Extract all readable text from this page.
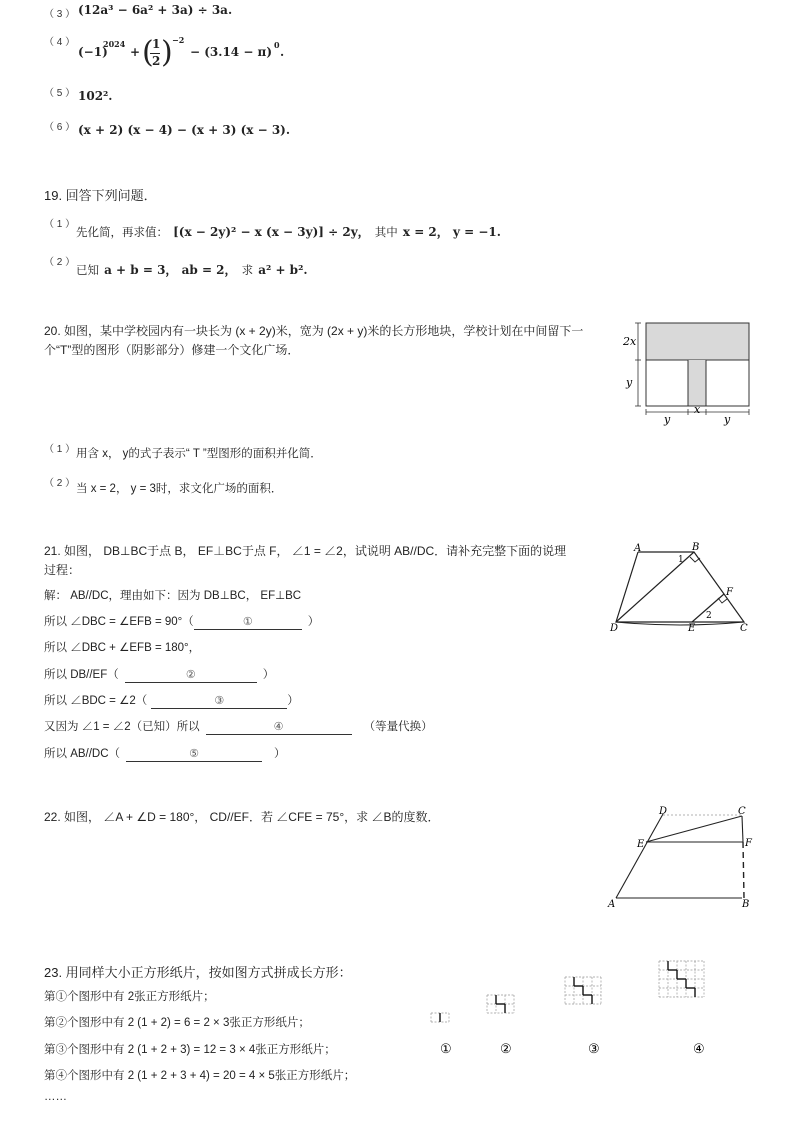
（ 3 ） (12a³ − 6a² + 3a) ÷ 3a.
（ 4 ）
(−1)
2024
+ (
1
2 ) −2
− (3.14 − π) 0 .
（ 5 ） 102².
（ 6 ） (x + 2) (x − 4) − (x + 3) (x − 3).
19. 回答下列问题．
（ 1 ）
先化简，再求值： [(x − 2y)² − x (x − 3y)] ÷ 2y， 其中 x = 2， y = −1.
（ 2 ）
已知 a + b = 3， ab = 2， 求 a² + b².
20. 如图，某中学校园内有一块长为 (x + 2y)米，宽为 (2x + y)米的长方形地块，学校计划在中间留下一
个“T”型的图形（阴影部分）修建一个文化广场．
2x
y
y
x
y
（ 1 ） 用含 x， y的式子表示“ T ”型图形的面积并化简．
（ 2 ） 当 x = 2， y = 3时，求文化广场的面积．
21. 如图， DB⊥BC于点 B， EF⊥BC于点 F， ∠1 = ∠2，试说明 AB//DC．请补充完整下面的说理
过程：
解： AB//DC，理由如下：因为 DB⊥BC， EF⊥BC
所以 ∠DBC = ∠EFB = 90°（	①	）
所以 ∠DBC + ∠EFB = 180°，
所以 DB//EF（	②	）
所以 ∠BDC = ∠2（	③	）
又因为 ∠1 = ∠2（已知）所以	④	（等量代换）
所以 AB//DC（	⑤	）
A	B
C
D	E
F
1
2
22. 如图， ∠A + ∠D = 180°， CD//EF．若 ∠CFE = 75°，求 ∠B的度数．
A	B
C
D
E	F
23. 用同样大小正方形纸片，按如图方式拼成长方形：
第①个图形中有 2张正方形纸片；
第②个图形中有 2 (1 + 2) = 6 = 2 × 3张正方形纸片；
第③个图形中有 2 (1 + 2 + 3) = 12 = 3 × 4张正方形纸片；
第④个图形中有 2 (1 + 2 + 3 + 4) = 20 = 4 × 5张正方形纸片；
……
①	②	③	④
